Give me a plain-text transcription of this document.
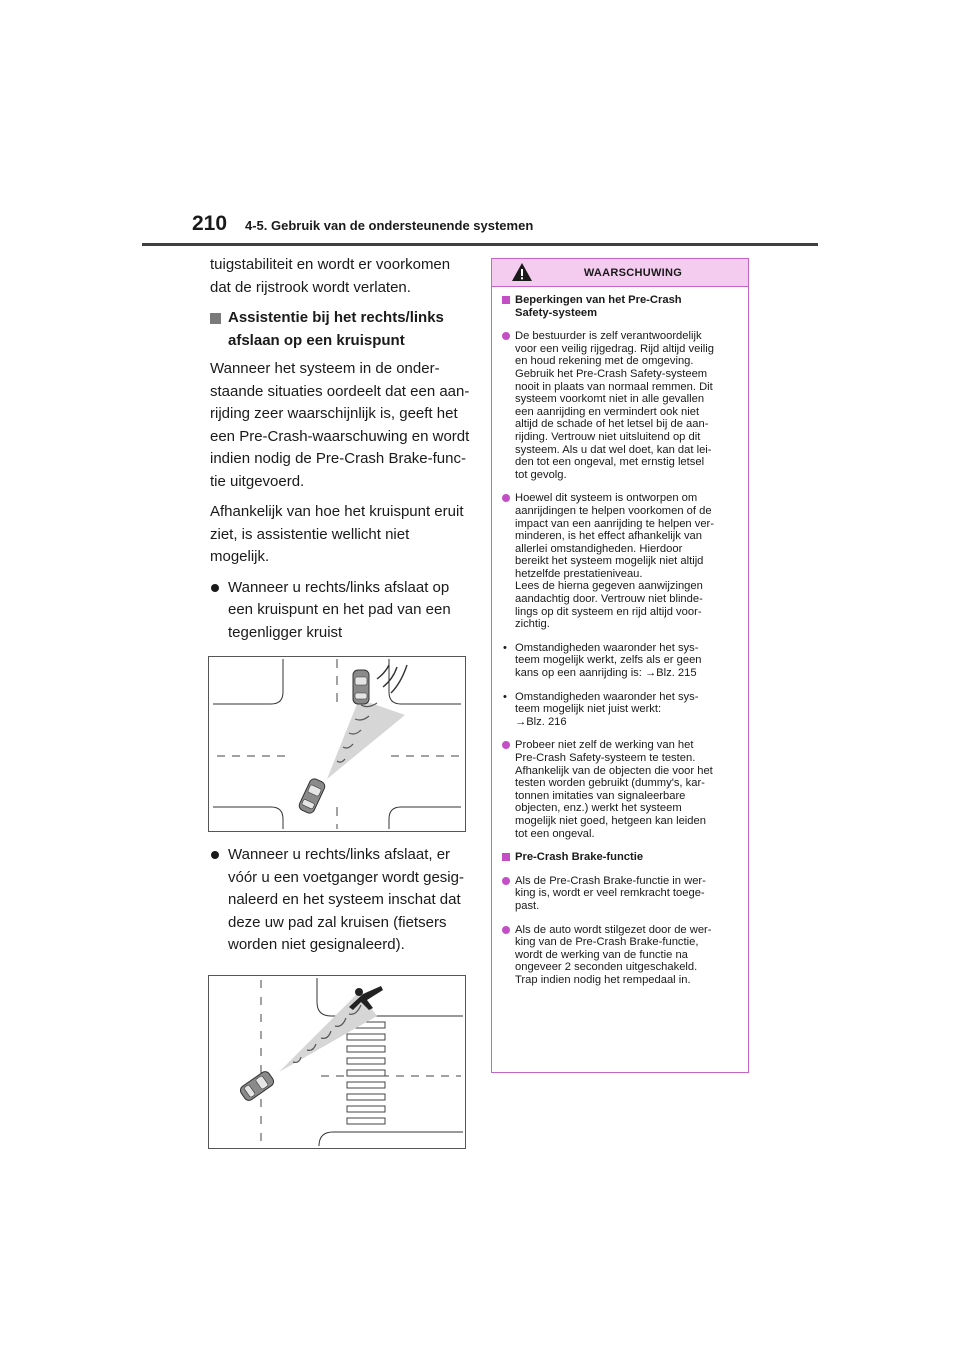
210 4-5. Gebruik van de ondersteunende systemen

tuigstabiliteit en wordt er voorkomen
dat de rijstrook wordt verlaten.

Assistentie bij het rechts/links
afslaan op een kruispunt

Wanneer het systeem in de onder-
staande situaties oordeelt dat een aan-
rijding zeer waarschijnlijk is, geeft het
een Pre-Crash-waarschuwing en wordt
indien nodig de Pre-Crash Brake-func-
tie uitgevoerd.

Afhankelijk van hoe het kruispunt eruit
ziet, is assistentie wellicht niet mogelijk.

Wanneer u rechts/links afslaat op
een kruispunt en het pad van een
tegenligger kruist
Wanneer u rechts/links afslaat, er
vóór u een voetganger wordt gesig-
naleerd en het systeem inschat dat
deze uw pad zal kruisen (fietsers
worden niet gesignaleerd).
WAARSCHUWING
Beperkingen van het Pre-Crash
Safety-systeem
De bestuurder is zelf verantwoordelijk
voor een veilig rijgedrag. Rijd altijd veilig
en houd rekening met de omgeving.
Gebruik het Pre-Crash Safety-systeem
nooit in plaats van normaal remmen. Dit
systeem voorkomt niet in alle gevallen
een aanrijding en vermindert ook niet
altijd de schade of het letsel bij de aan-
rijding. Vertrouw niet uitsluitend op dit
systeem. Als u dat wel doet, kan dat lei-
den tot een ongeval, met ernstig letsel
tot gevolg.
Hoewel dit systeem is ontworpen om
aanrijdingen te helpen voorkomen of de
impact van een aanrijding te helpen ver-
minderen, is het effect afhankelijk van
allerlei omstandigheden. Hierdoor
bereikt het systeem mogelijk niet altijd
hetzelfde prestatieniveau.
Lees de hierna gegeven aanwijzingen
aandachtig door. Vertrouw niet blinde-
lings op dit systeem en rijd altijd voor-
zichtig.
• Omstandigheden waaronder het sys-
teem mogelijk werkt, zelfs als er geen
kans op een aanrijding is: →Blz. 215
• Omstandigheden waaronder het sys-
teem mogelijk niet juist werkt:
→Blz. 216
Probeer niet zelf de werking van het
Pre-Crash Safety-systeem te testen.
Afhankelijk van de objecten die voor het
testen worden gebruikt (dummy's, kar-
tonnen imitaties van signaleerbare
objecten, enz.) werkt het systeem
mogelijk niet goed, hetgeen kan leiden
tot een ongeval.
Pre-Crash Brake-functie
Als de Pre-Crash Brake-functie in wer-
king is, wordt er veel remkracht toege-
past.
Als de auto wordt stilgezet door de wer-
king van de Pre-Crash Brake-functie,
wordt de werking van de functie na
ongeveer 2 seconden uitgeschakeld.
Trap indien nodig het rempedaal in.
